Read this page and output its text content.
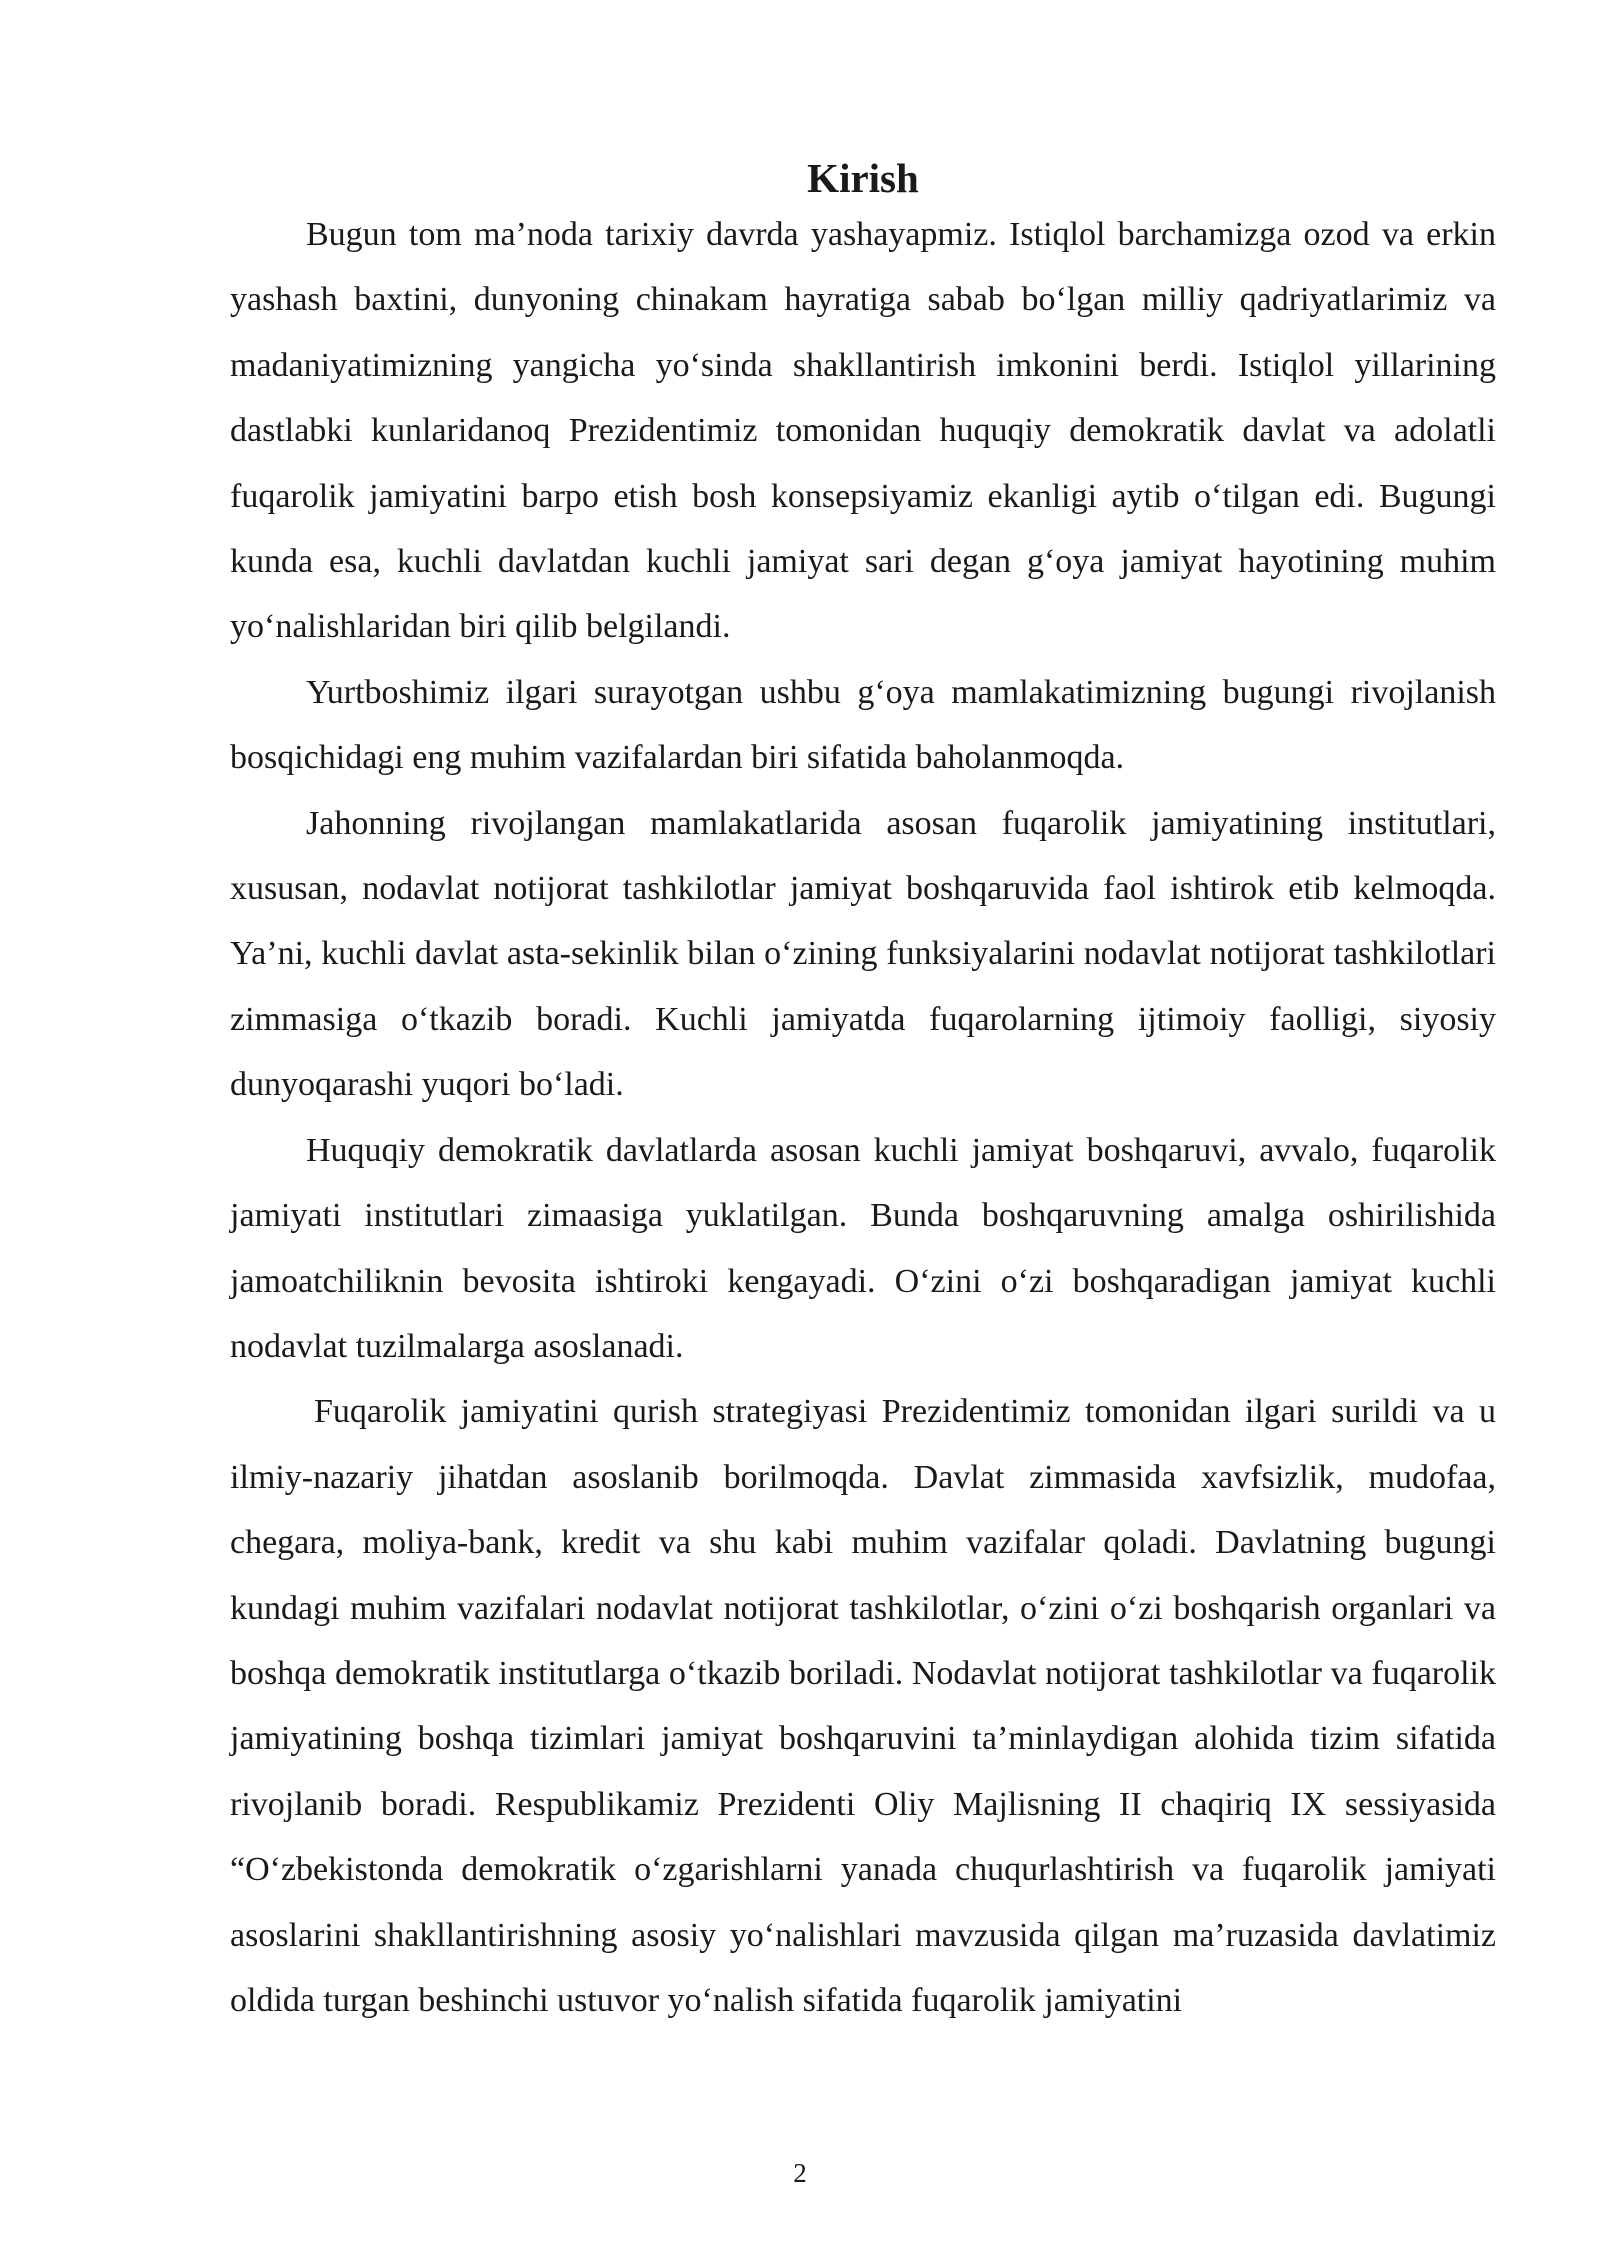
Kirish

Bugun tom ma’noda tarixiy davrda yashayapmiz. Istiqlol barchamizga ozod va erkin yashash baxtini, dunyoning chinakam hayratiga sabab bo‘lgan milliy qadriyatlarimiz va madaniyatimizning yangicha yo‘sinda shakllantirish imkonini berdi. Istiqlol yillarining dastlabki kunlaridanoq Prezidentimiz tomonidan huquqiy demokratik davlat va adolatli fuqarolik jamiyatini barpo etish bosh konsepsiyamiz ekanligi aytib o‘tilgan edi. Bugungi kunda esa, kuchli davlatdan kuchli jamiyat sari degan g‘oya jamiyat hayotining muhim yo‘nalishlaridan biri qilib belgilandi.

Yurtboshimiz ilgari surayotgan ushbu g‘oya mamlakatimizning bugungi rivojlanish bosqichidagi eng muhim vazifalardan biri sifatida baholanmoqda.

Jahonning rivojlangan mamlakatlarida asosan fuqarolik jamiyatining institutlari, xususan, nodavlat notijorat tashkilotlar jamiyat boshqaruvida faol ishtirok etib kelmoqda. Ya’ni, kuchli davlat asta-sekinlik bilan o‘zining funksiyalarini nodavlat notijorat tashkilotlari zimmasiga o‘tkazib boradi. Kuchli jamiyatda fuqarolarning ijtimoiy faolligi, siyosiy dunyoqarashi yuqori bo‘ladi.

Huquqiy demokratik davlatlarda asosan kuchli jamiyat boshqaruvi, avvalo, fuqarolik jamiyati institutlari zimaasiga yuklatilgan. Bunda boshqaruvning amalga oshirilishida jamoatchiliknin bevosita ishtiroki kengayadi. O‘zini o‘zi boshqaradigan jamiyat kuchli nodavlat tuzilmalarga asoslanadi.

Fuqarolik jamiyatini qurish strategiyasi Prezidentimiz tomonidan ilgari surildi va u ilmiy-nazariy jihatdan asoslanib borilmoqda. Davlat zimmasida xavfsizlik, mudofaa, chegara, moliya-bank, kredit va shu kabi muhim vazifalar qoladi. Davlatning bugungi kundagi muhim vazifalari nodavlat notijorat tashkilotlar, o‘zini o‘zi boshqarish organlari va boshqa demokratik institutlarga o‘tkazib boriladi. Nodavlat notijorat tashkilotlar va fuqarolik jamiyatining boshqa tizimlari jamiyat boshqaruvini ta’minlaydigan alohida tizim sifatida rivojlanib boradi. Respublikamiz Prezidenti Oliy Majlisning II chaqiriq IX sessiyasida “O‘zbekistonda demokratik o‘zgarishlarni yanada chuqurlashtirish va fuqarolik jamiyati asoslarini shakllantirishning asosiy yo‘nalishlari mavzusida qilgan ma’ruzasida davlatimiz oldida turgan beshinchi ustuvor yo‘nalish sifatida fuqarolik jamiyatini

2
